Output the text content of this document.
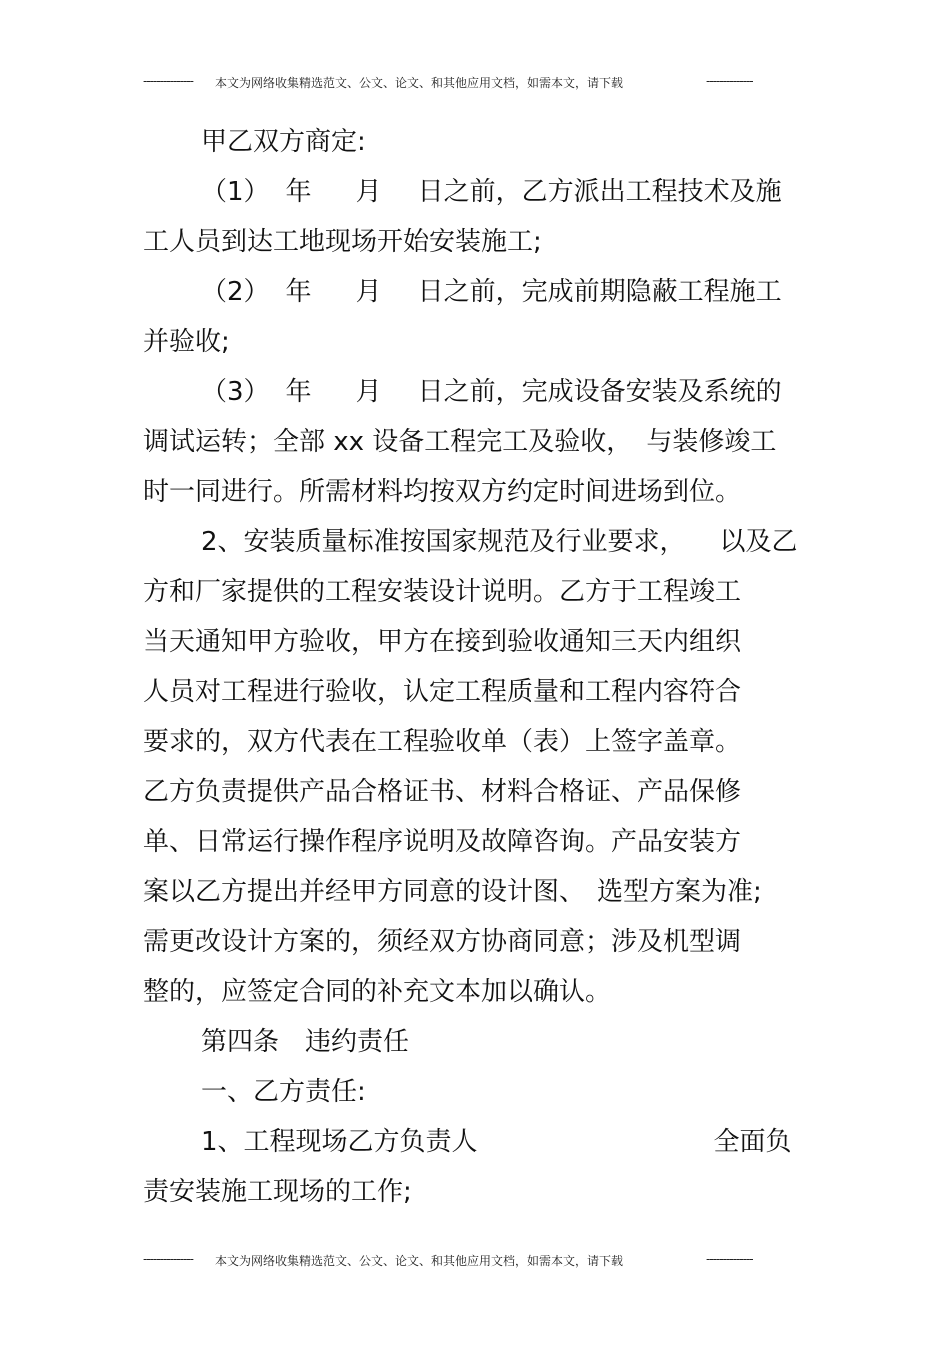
--------------- 本文为网络收集精选范文、公文、论文、和其他应用文档，如需本文，请下载	--------------
甲乙双方商定:
（1） 年 月 日之前，乙方派出工程技术及施
工人员到达工地现场开始安装施工;
（2） 年 月 日之前，完成前期隐蔽工程施工
并验收;
（3） 年 月 日之前，完成设备安装及系统的
调试运转；全部 xx 设备工程完工及验收， 与装修竣工
时一同进行。所需材料均按双方约定时间进场到位。
2、安装质量标准按国家规范及行业要求， 以及乙
方和厂家提供的工程安装设计说明。乙方于工程竣工
当天通知甲方验收，甲方在接到验收通知三天内组织
人员对工程进行验收，认定工程质量和工程内容符合
要求的，双方代表在工程验收单（表）上签字盖章。
乙方负责提供产品合格证书、材料合格证、产品保修
单、日常运行操作程序说明及故障咨询。产品安装方
案以乙方提出并经甲方同意的设计图、 选型方案为准;
需更改设计方案的，须经双方协商同意；涉及机型调
整的，应签定合同的补充文本加以确认。
第四条 违约责任
一、乙方责任:
1、工程现场乙方负责人	全面负
责安装施工现场的工作;
--------------- 本文为网络收集精选范文、公文、论文、和其他应用文档，如需本文，请下载	--------------
